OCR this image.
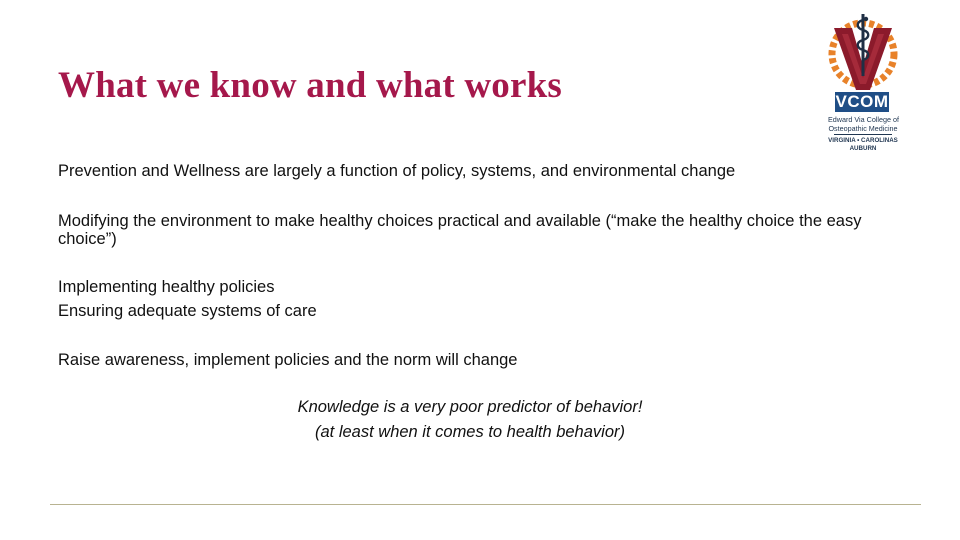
What we know and what works
Prevention and Wellness are largely a function of policy, systems, and environmental change
Modifying the environment to make healthy choices practical and available (“make the healthy choice the easy choice”)
Implementing healthy policies
Ensuring adequate systems of care
Raise awareness, implement policies and the norm will change
Knowledge is a very poor predictor of behavior!
(at least when it comes to health behavior)
VCOM
Edward Via College of
Osteopathic Medicine
VIRGINIA • CAROLINAS
AUBURN
